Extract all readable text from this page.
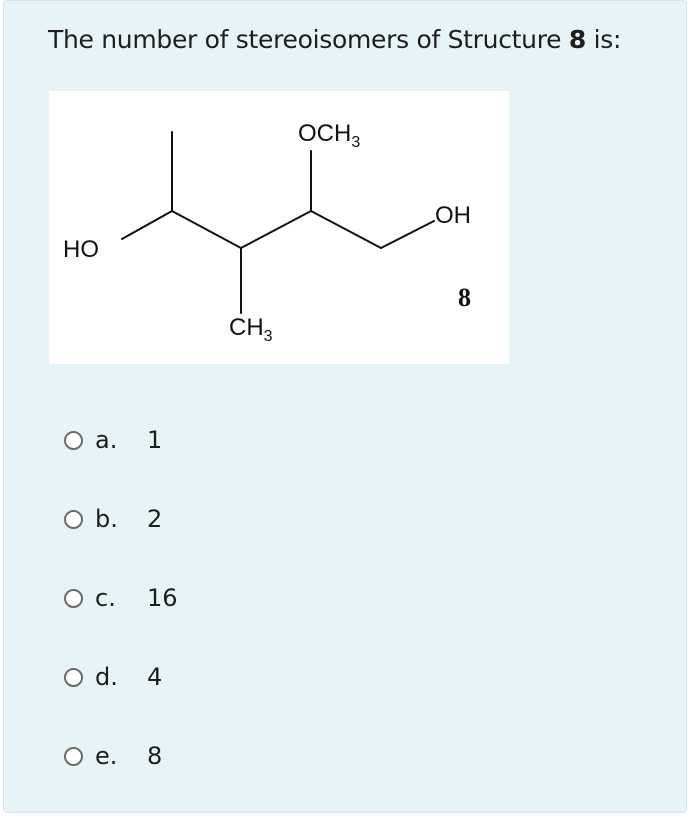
The number of stereoisomers of Structure 8 is:

HO
OH
$OCH_3$
$CH_3$
8
a.	1
b.	2
c.	16
d.	4
e.	8
